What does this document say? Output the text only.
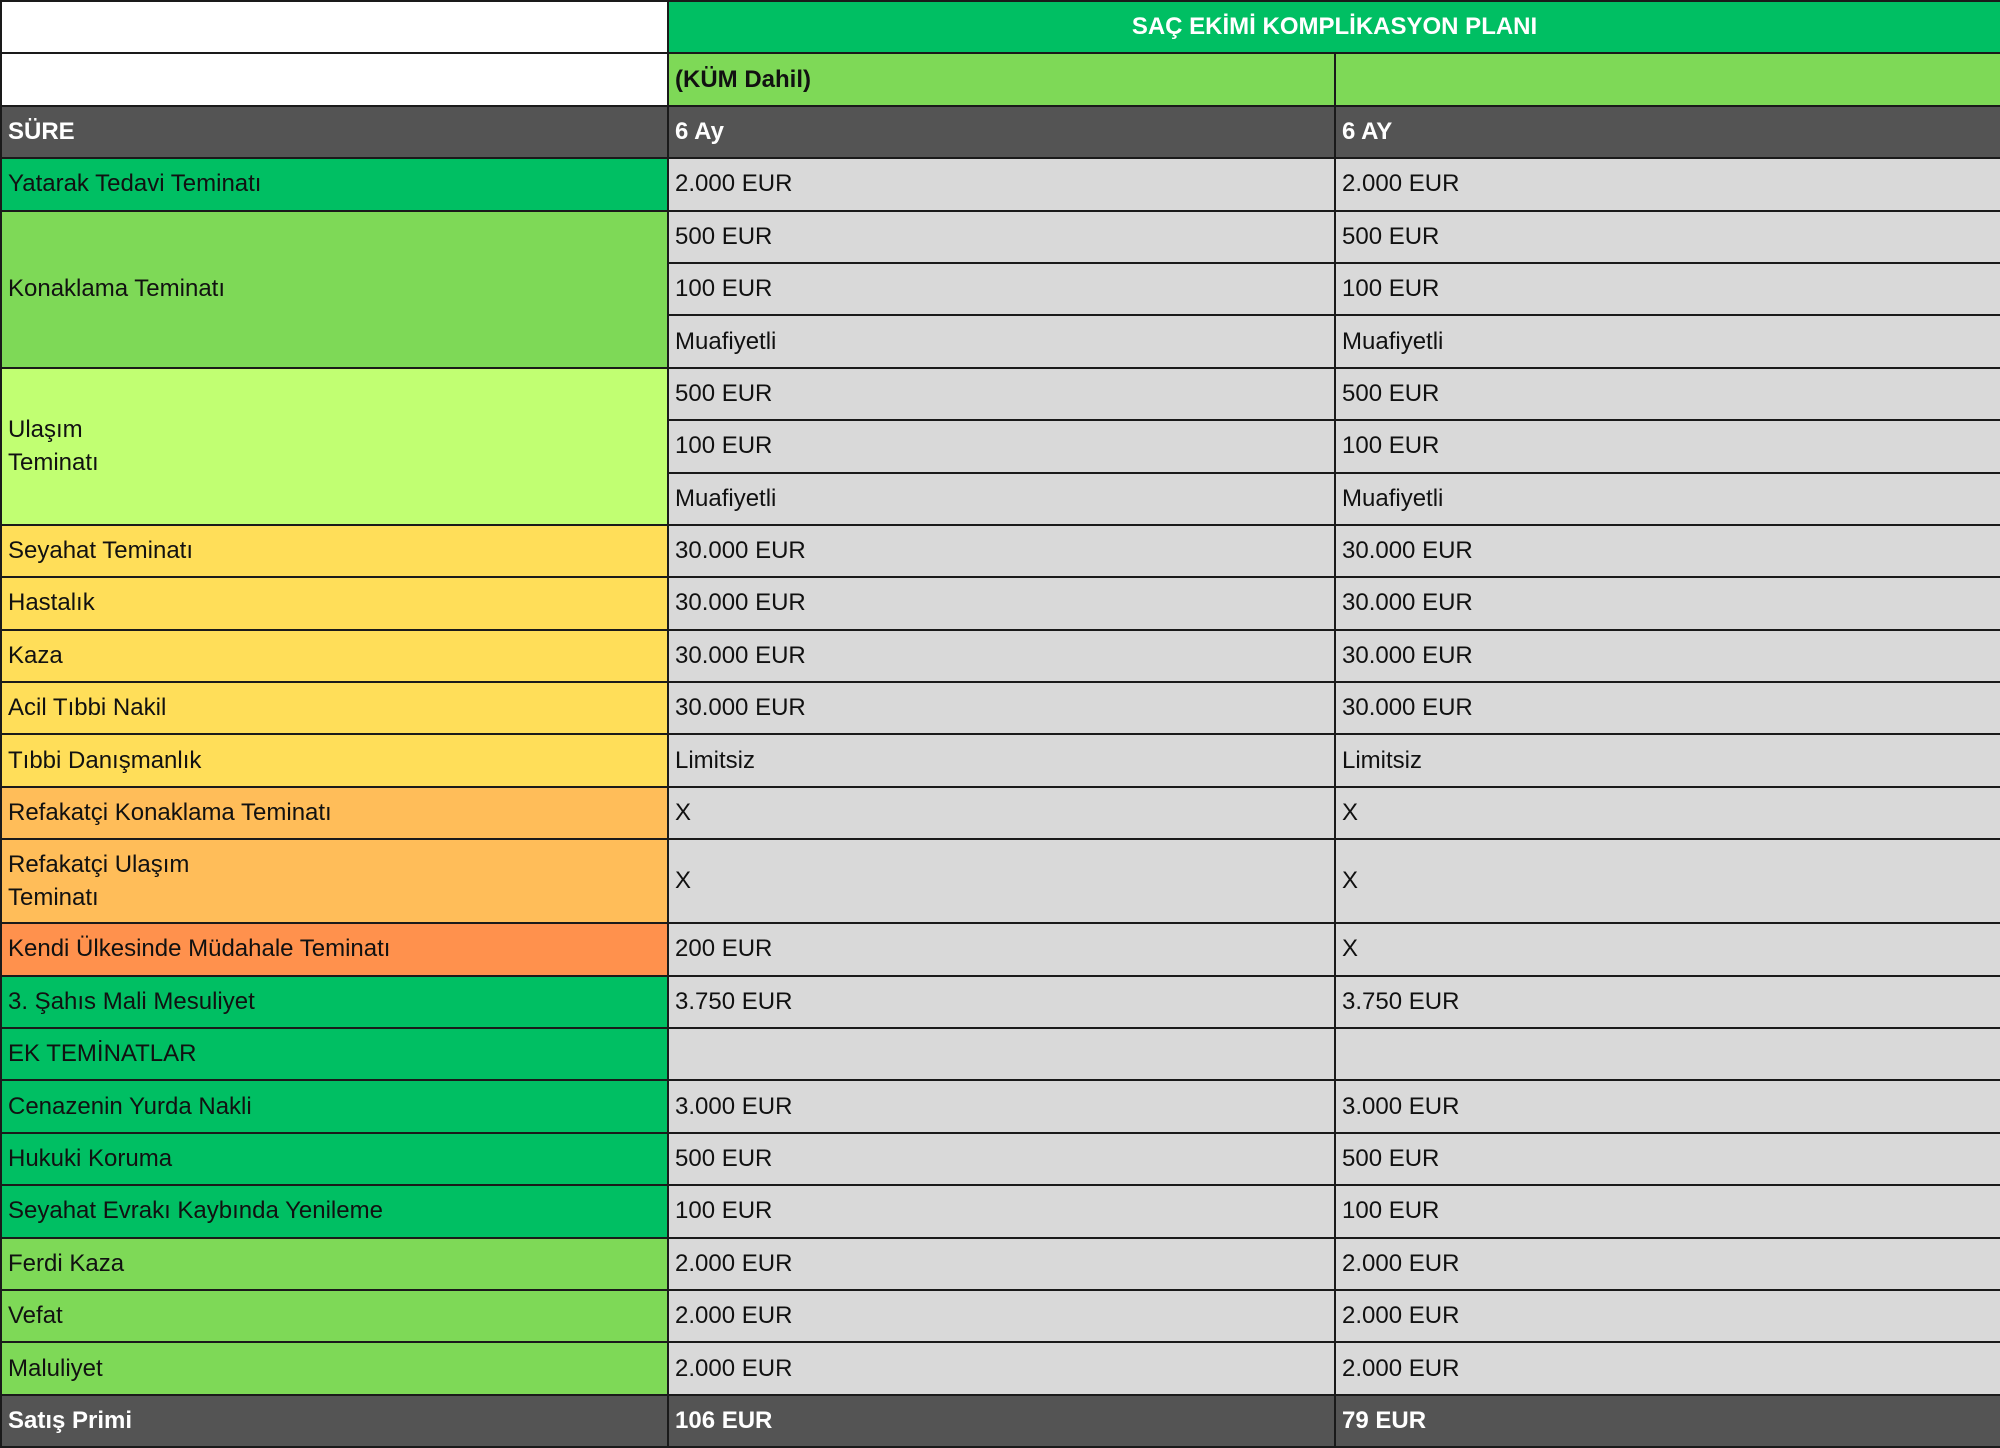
	SAÇ EKİMİ KOMPLİKASYON PLANI	
	(KÜM Dahil)	
SÜRE	6 Ay	6 AY
Yatarak Tedavi Teminatı	2.000 EUR	2.000 EUR
Konaklama Teminatı	500 EUR	500 EUR
	100 EUR	100 EUR
	Muafiyetli	Muafiyetli

Ulaşım
Teminatı	500 EUR	500 EUR
	100 EUR	100 EUR
	Muafiyetli	Muafiyetli
Seyahat Teminatı	30.000 EUR	30.000 EUR
Hastalık	30.000 EUR	30.000 EUR
Kaza	30.000 EUR	30.000 EUR
Acil Tıbbi Nakil	30.000 EUR	30.000 EUR
Tıbbi Danışmanlık	Limitsiz	Limitsiz
Refakatçi Konaklama Teminatı	X	X

Refakatçi Ulaşım
Teminatı	X	X
Kendi Ülkesinde Müdahale Teminatı	200 EUR	X
3. Şahıs Mali Mesuliyet	3.750 EUR	3.750 EUR
EK TEMİNATLAR		
Cenazenin Yurda Nakli	3.000 EUR	3.000 EUR
Hukuki Koruma	500 EUR	500 EUR
Seyahat Evrakı Kaybında Yenileme	100 EUR	100 EUR
Ferdi Kaza	2.000 EUR	2.000 EUR
Vefat	2.000 EUR	2.000 EUR
Maluliyet	2.000 EUR	2.000 EUR
Satış Primi	106 EUR	79 EUR
